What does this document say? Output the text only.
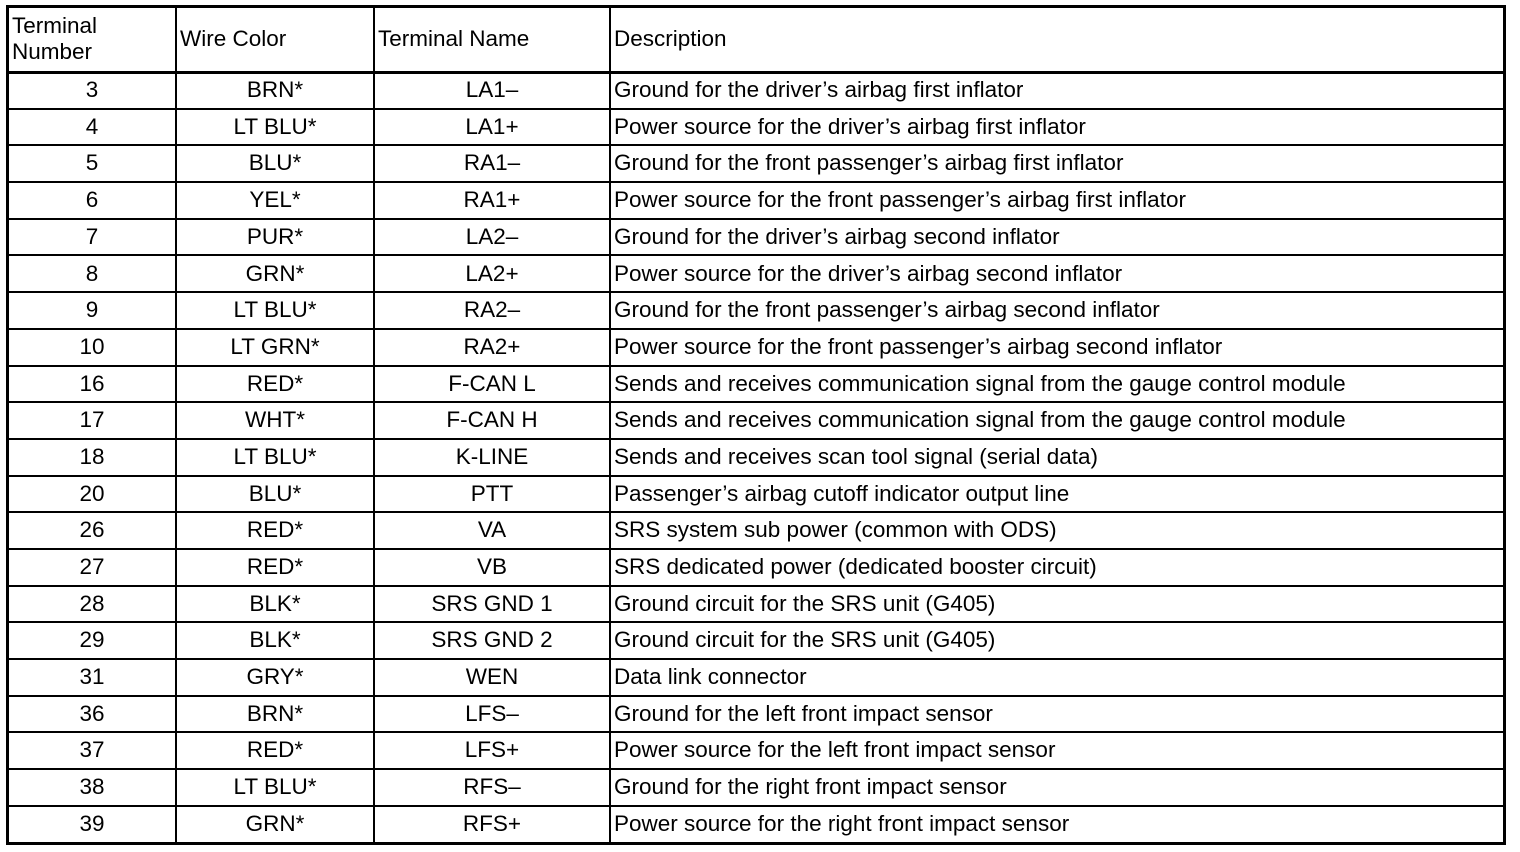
Terminal Number	Wire Color	Terminal Name	Description
3	BRN*	LA1–	Ground for the driver’s airbag first inflator
4	LT BLU*	LA1+	Power source for the driver’s airbag first inflator
5	BLU*	RA1–	Ground for the front passenger’s airbag first inflator
6	YEL*	RA1+	Power source for the front passenger’s airbag first inflator
7	PUR*	LA2–	Ground for the driver’s airbag second inflator
8	GRN*	LA2+	Power source for the driver’s airbag second inflator
9	LT BLU*	RA2–	Ground for the front passenger’s airbag second inflator
10	LT GRN*	RA2+	Power source for the front passenger’s airbag second inflator
16	RED*	F-CAN L	Sends and receives communication signal from the gauge control module
17	WHT*	F-CAN H	Sends and receives communication signal from the gauge control module
18	LT BLU*	K-LINE	Sends and receives scan tool signal (serial data)
20	BLU*	PTT	Passenger’s airbag cutoff indicator output line
26	RED*	VA	SRS system sub power (common with ODS)
27	RED*	VB	SRS dedicated power (dedicated booster circuit)
28	BLK*	SRS GND 1	Ground circuit for the SRS unit (G405)
29	BLK*	SRS GND 2	Ground circuit for the SRS unit (G405)
31	GRY*	WEN	Data link connector
36	BRN*	LFS–	Ground for the left front impact sensor
37	RED*	LFS+	Power source for the left front impact sensor
38	LT BLU*	RFS–	Ground for the right front impact sensor
39	GRN*	RFS+	Power source for the right front impact sensor
